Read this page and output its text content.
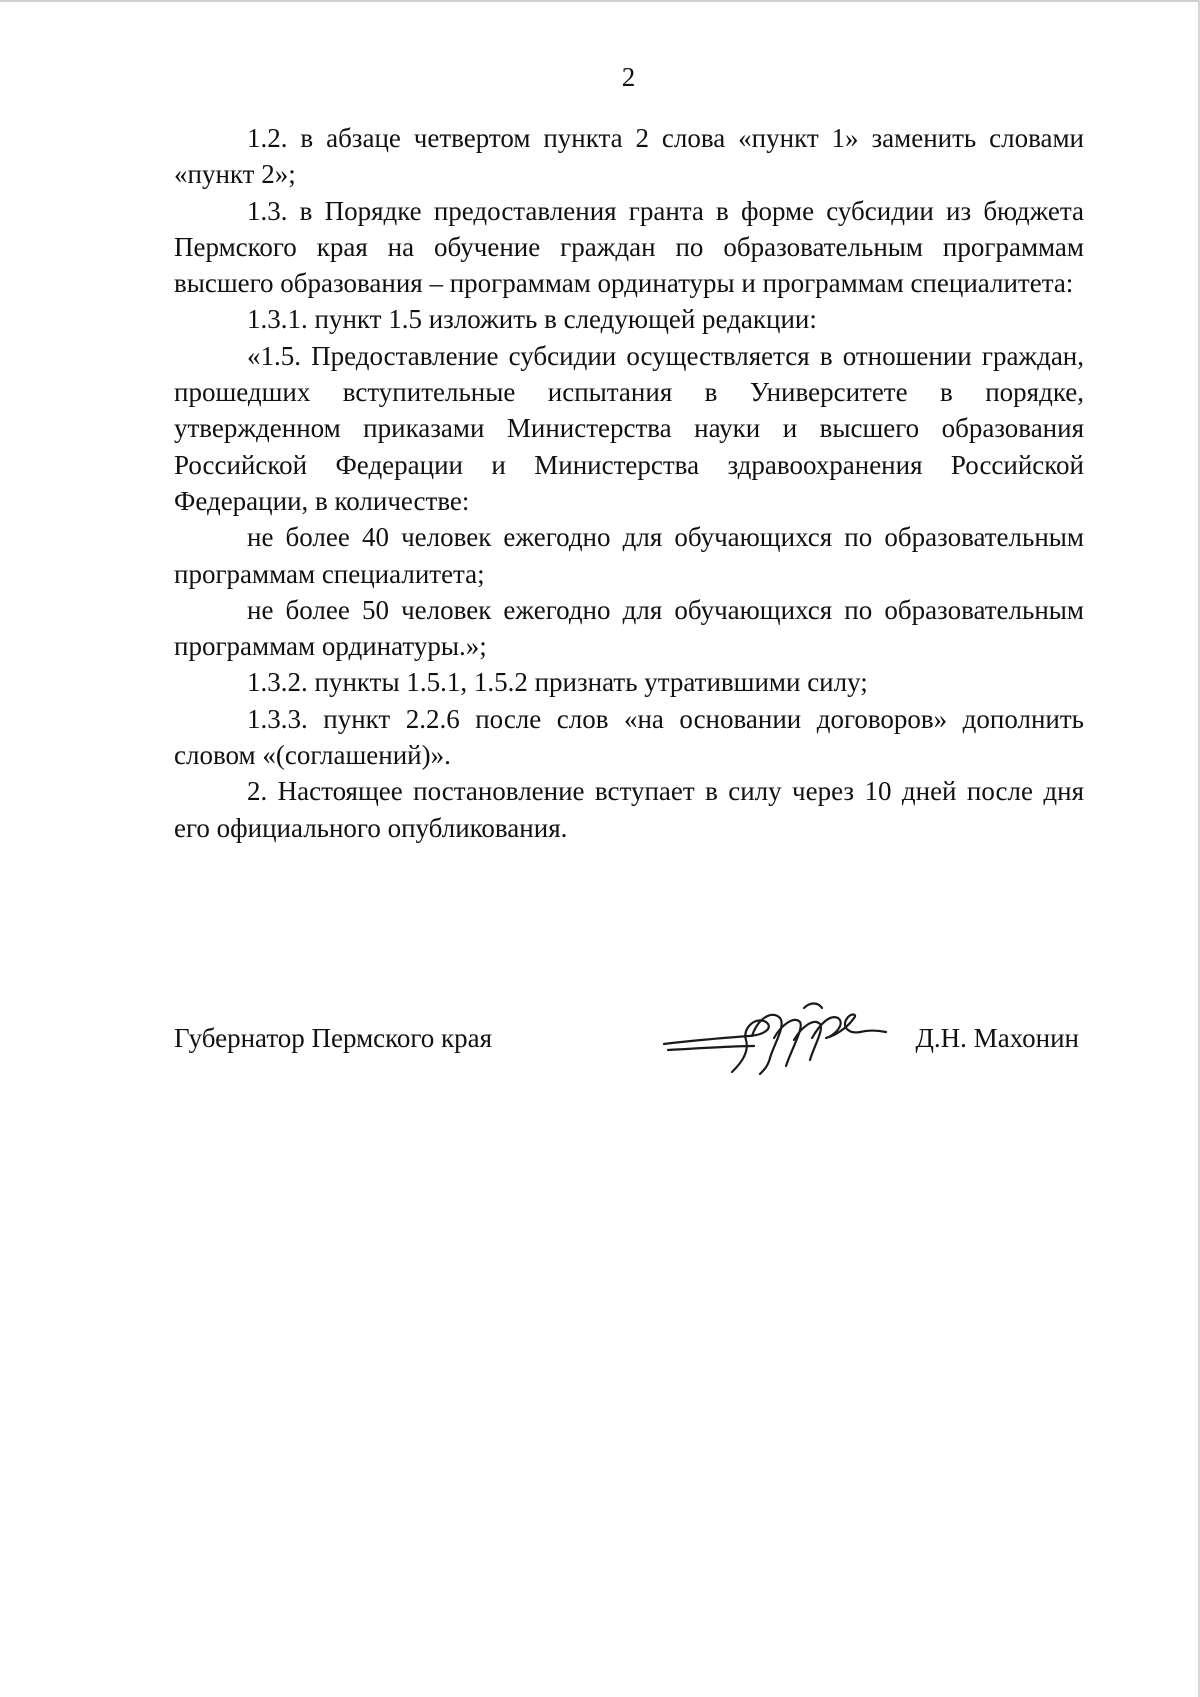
2

1.2. в абзаце четвертом пункта 2 слова «пункт 1» заменить словами «пункт 2»;

1.3. в Порядке предоставления гранта в форме субсидии из бюджета Пермского края на обучение граждан по образовательным программам высшего образования – программам ординатуры и программам специалитета:

1.3.1. пункт 1.5 изложить в следующей редакции:

«1.5. Предоставление субсидии осуществляется в отношении граждан, прошедших вступительные испытания в Университете в порядке, утвержденном приказами Министерства науки и высшего образования Российской Федерации и Министерства здравоохранения Российской Федерации, в количестве:

не более 40 человек ежегодно для обучающихся по образовательным программам специалитета;

не более 50 человек ежегодно для обучающихся по образовательным программам ординатуры.»;

1.3.2. пункты 1.5.1, 1.5.2 признать утратившими силу;

1.3.3. пункт 2.2.6 после слов «на основании договоров» дополнить словом «(соглашений)».

2. Настоящее постановление вступает в силу через 10 дней после дня его официального опубликования.

Губернатор Пермского края	Д.Н. Махонин
